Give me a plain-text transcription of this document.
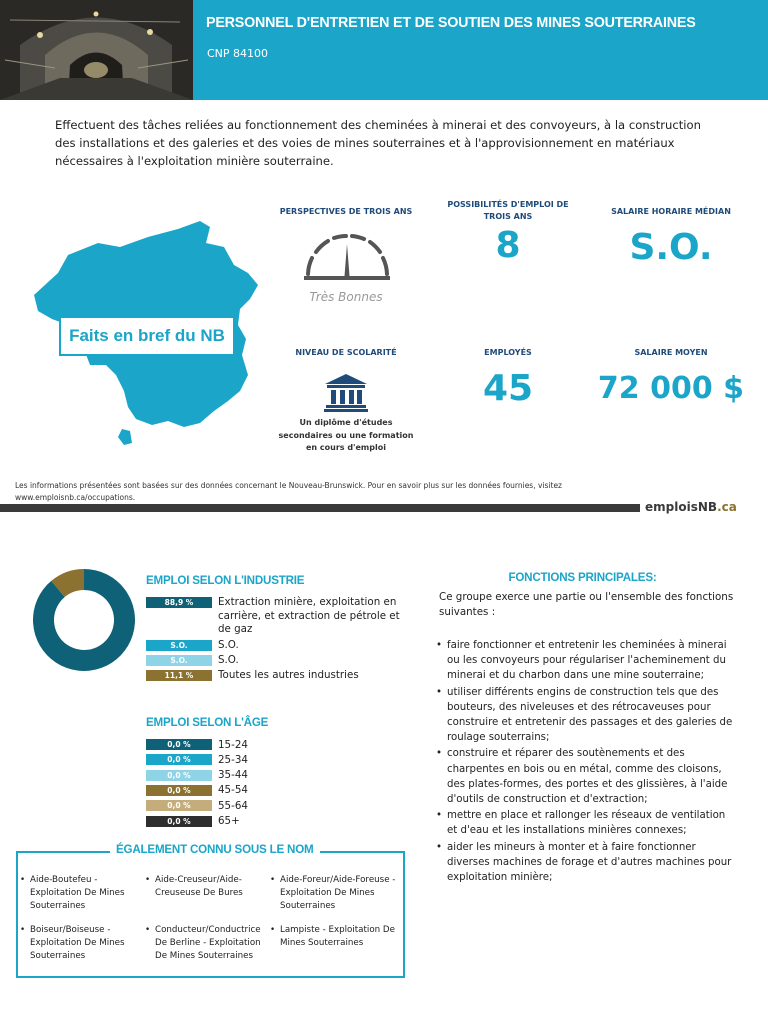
PERSONNEL D'ENTRETIEN ET DE SOUTIEN DES MINES SOUTERRAINES
CNP 84100
Effectuent des tâches reliées au fonctionnement des cheminées à minerai et des convoyeurs, à la construction des installations et des galeries et des voies de mines souterraines et à l'approvisionnement en matériaux nécessaires à l'exploitation minière souterraine.
Faits en bref du NB
PERSPECTIVES DE TROIS ANS
Très Bonnes
POSSIBILITÉS D'EMPLOI DE TROIS ANS
8
SALAIRE HORAIRE MÉDIAN
S.O.
NIVEAU DE SCOLARITÉ
Un diplôme d'études secondaires ou une formation en cours d'emploi
EMPLOYÉS
45
SALAIRE MOYEN
72 000 $
Les informations présentées sont basées sur des données concernant le Nouveau-Brunswick. Pour en savoir plus sur les données fournies, visitez www.emploisnb.ca/occupations.
emploisNB.ca
EMPLOI SELON L'INDUSTRIE
88,9 %	Extraction minière, exploitation en carrière, et extraction de pétrole et de gaz
S.O.	S.O.
S.O.	S.O.
11,1 %	Toutes les autres industries
EMPLOI SELON L'ÂGE
0,0 %	15-24
0,0 %	25-34
0,0 %	35-44
0,0 %	45-54
0,0 %	55-64
0,0 %	65+
ÉGALEMENT CONNU SOUS LE NOM
• Aide-Boutefeu - Exploitation De Mines Souterraines
• Aide-Creuseur/Aide-Creuseuse De Bures
• Aide-Foreur/Aide-Foreuse - Exploitation De Mines Souterraines
• Boiseur/Boiseuse - Exploitation De Mines Souterraines
• Conducteur/Conductrice De Berline - Exploitation De Mines Souterraines
• Lampiste - Exploitation De Mines Souterraines
FONCTIONS PRINCIPALES:
Ce groupe exerce une partie ou l'ensemble des fonctions suivantes :
• faire fonctionner et entretenir les cheminées à minerai ou les convoyeurs pour régulariser l'acheminement du minerai et du charbon dans une mine souterraine;
• utiliser différents engins de construction tels que des bouteurs, des niveleuses et des rétrocaveuses pour construire et entretenir des passages et des galeries de roulage souterrains;
• construire et réparer des soutènements et des charpentes en bois ou en métal, comme des cloisons, des plates-formes, des portes et des glissières, à l'aide d'outils de construction et d'extraction;
• mettre en place et rallonger les réseaux de ventilation et d'eau et les installations minières connexes;
• aider les mineurs à monter et à faire fonctionner diverses machines de forage et d'autres machines pour exploitation minière;
